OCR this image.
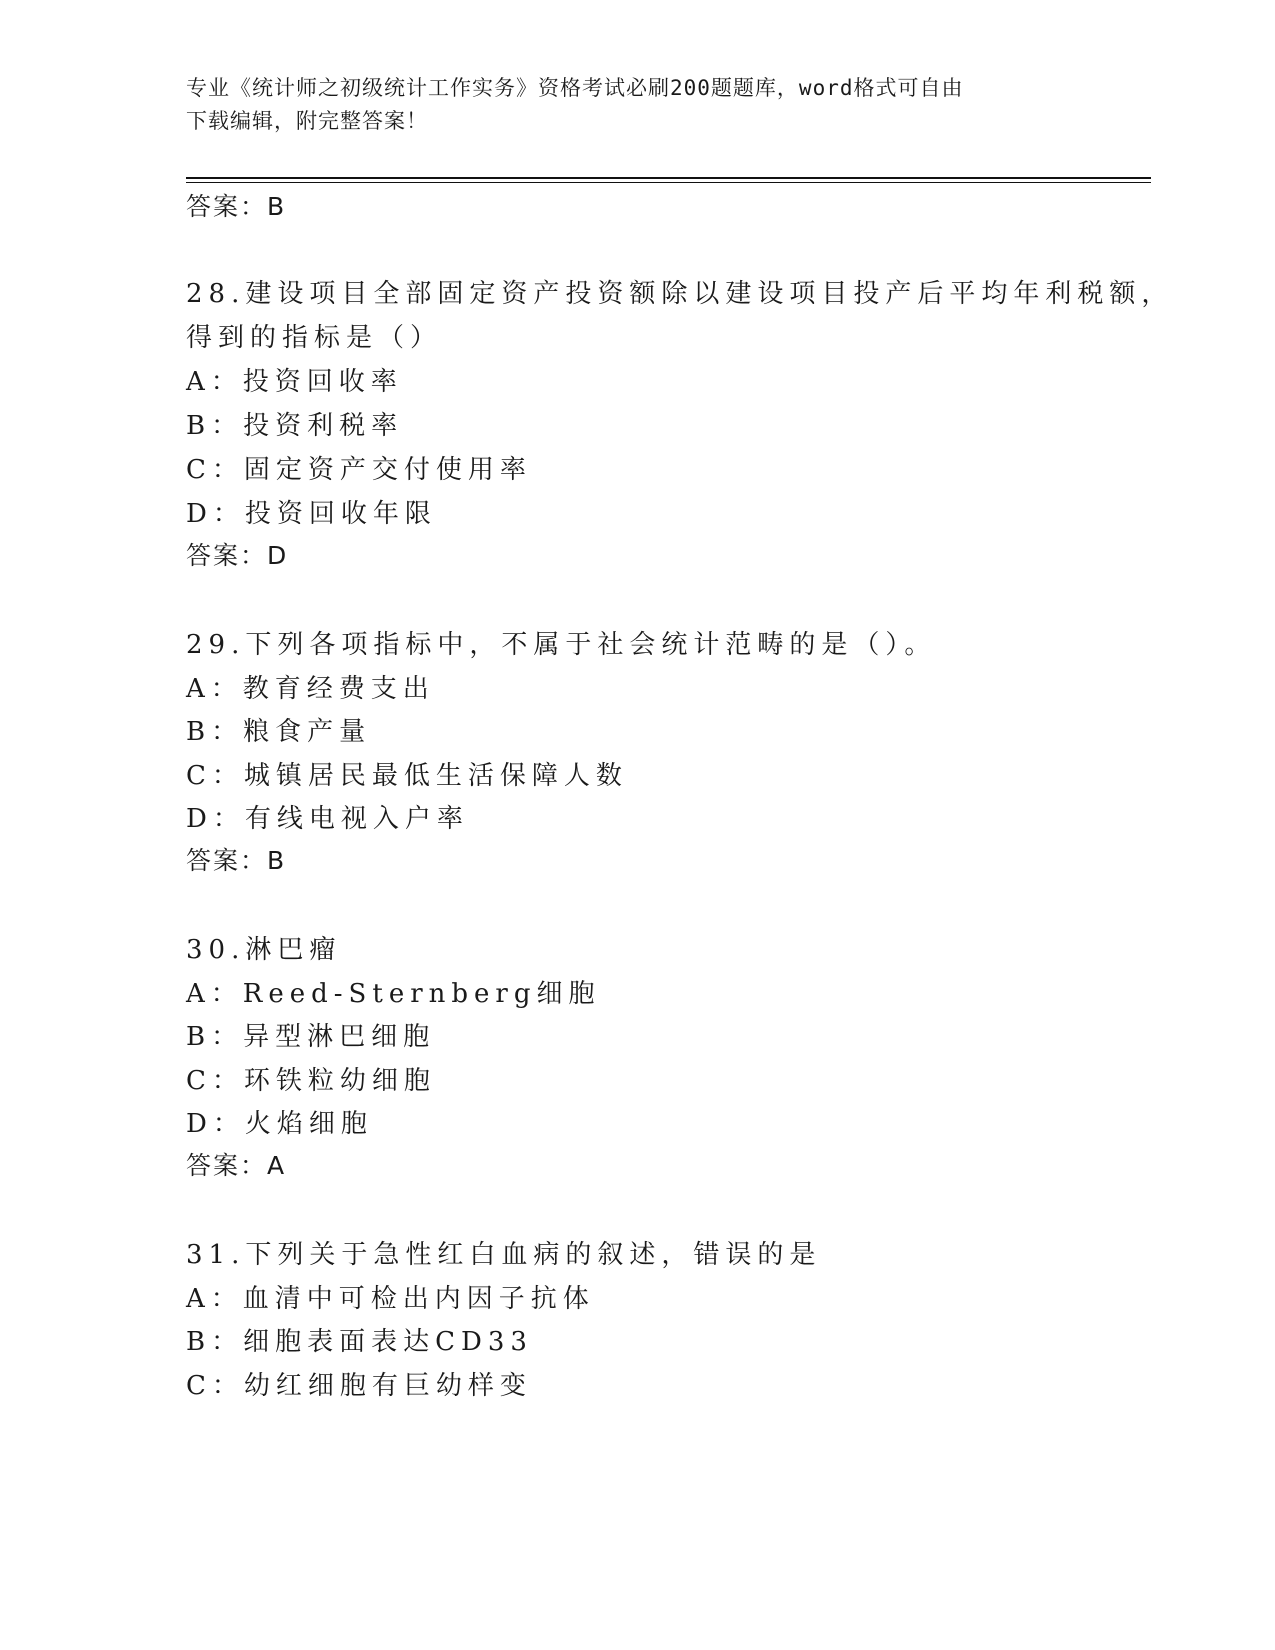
专业《统计师之初级统计工作实务》资格考试必刷200题题库，word格式可自由
下载编辑，附完整答案！
答案：B
28.建设项目全部固定资产投资额除以建设项目投产后平均年利税额，
得到的指标是（）
A：投资回收率
B：投资利税率
C：固定资产交付使用率
D：投资回收年限
答案：D
29.下列各项指标中，不属于社会统计范畴的是（）。
A：教育经费支出
B：粮食产量
C：城镇居民最低生活保障人数
D：有线电视入户率
答案：B
30.淋巴瘤
A：Reed-Sternberg细胞
B：异型淋巴细胞
C：环铁粒幼细胞
D：火焰细胞
答案：A
31.下列关于急性红白血病的叙述，错误的是
A：血清中可检出内因子抗体
B：细胞表面表达CD33
C：幼红细胞有巨幼样变
